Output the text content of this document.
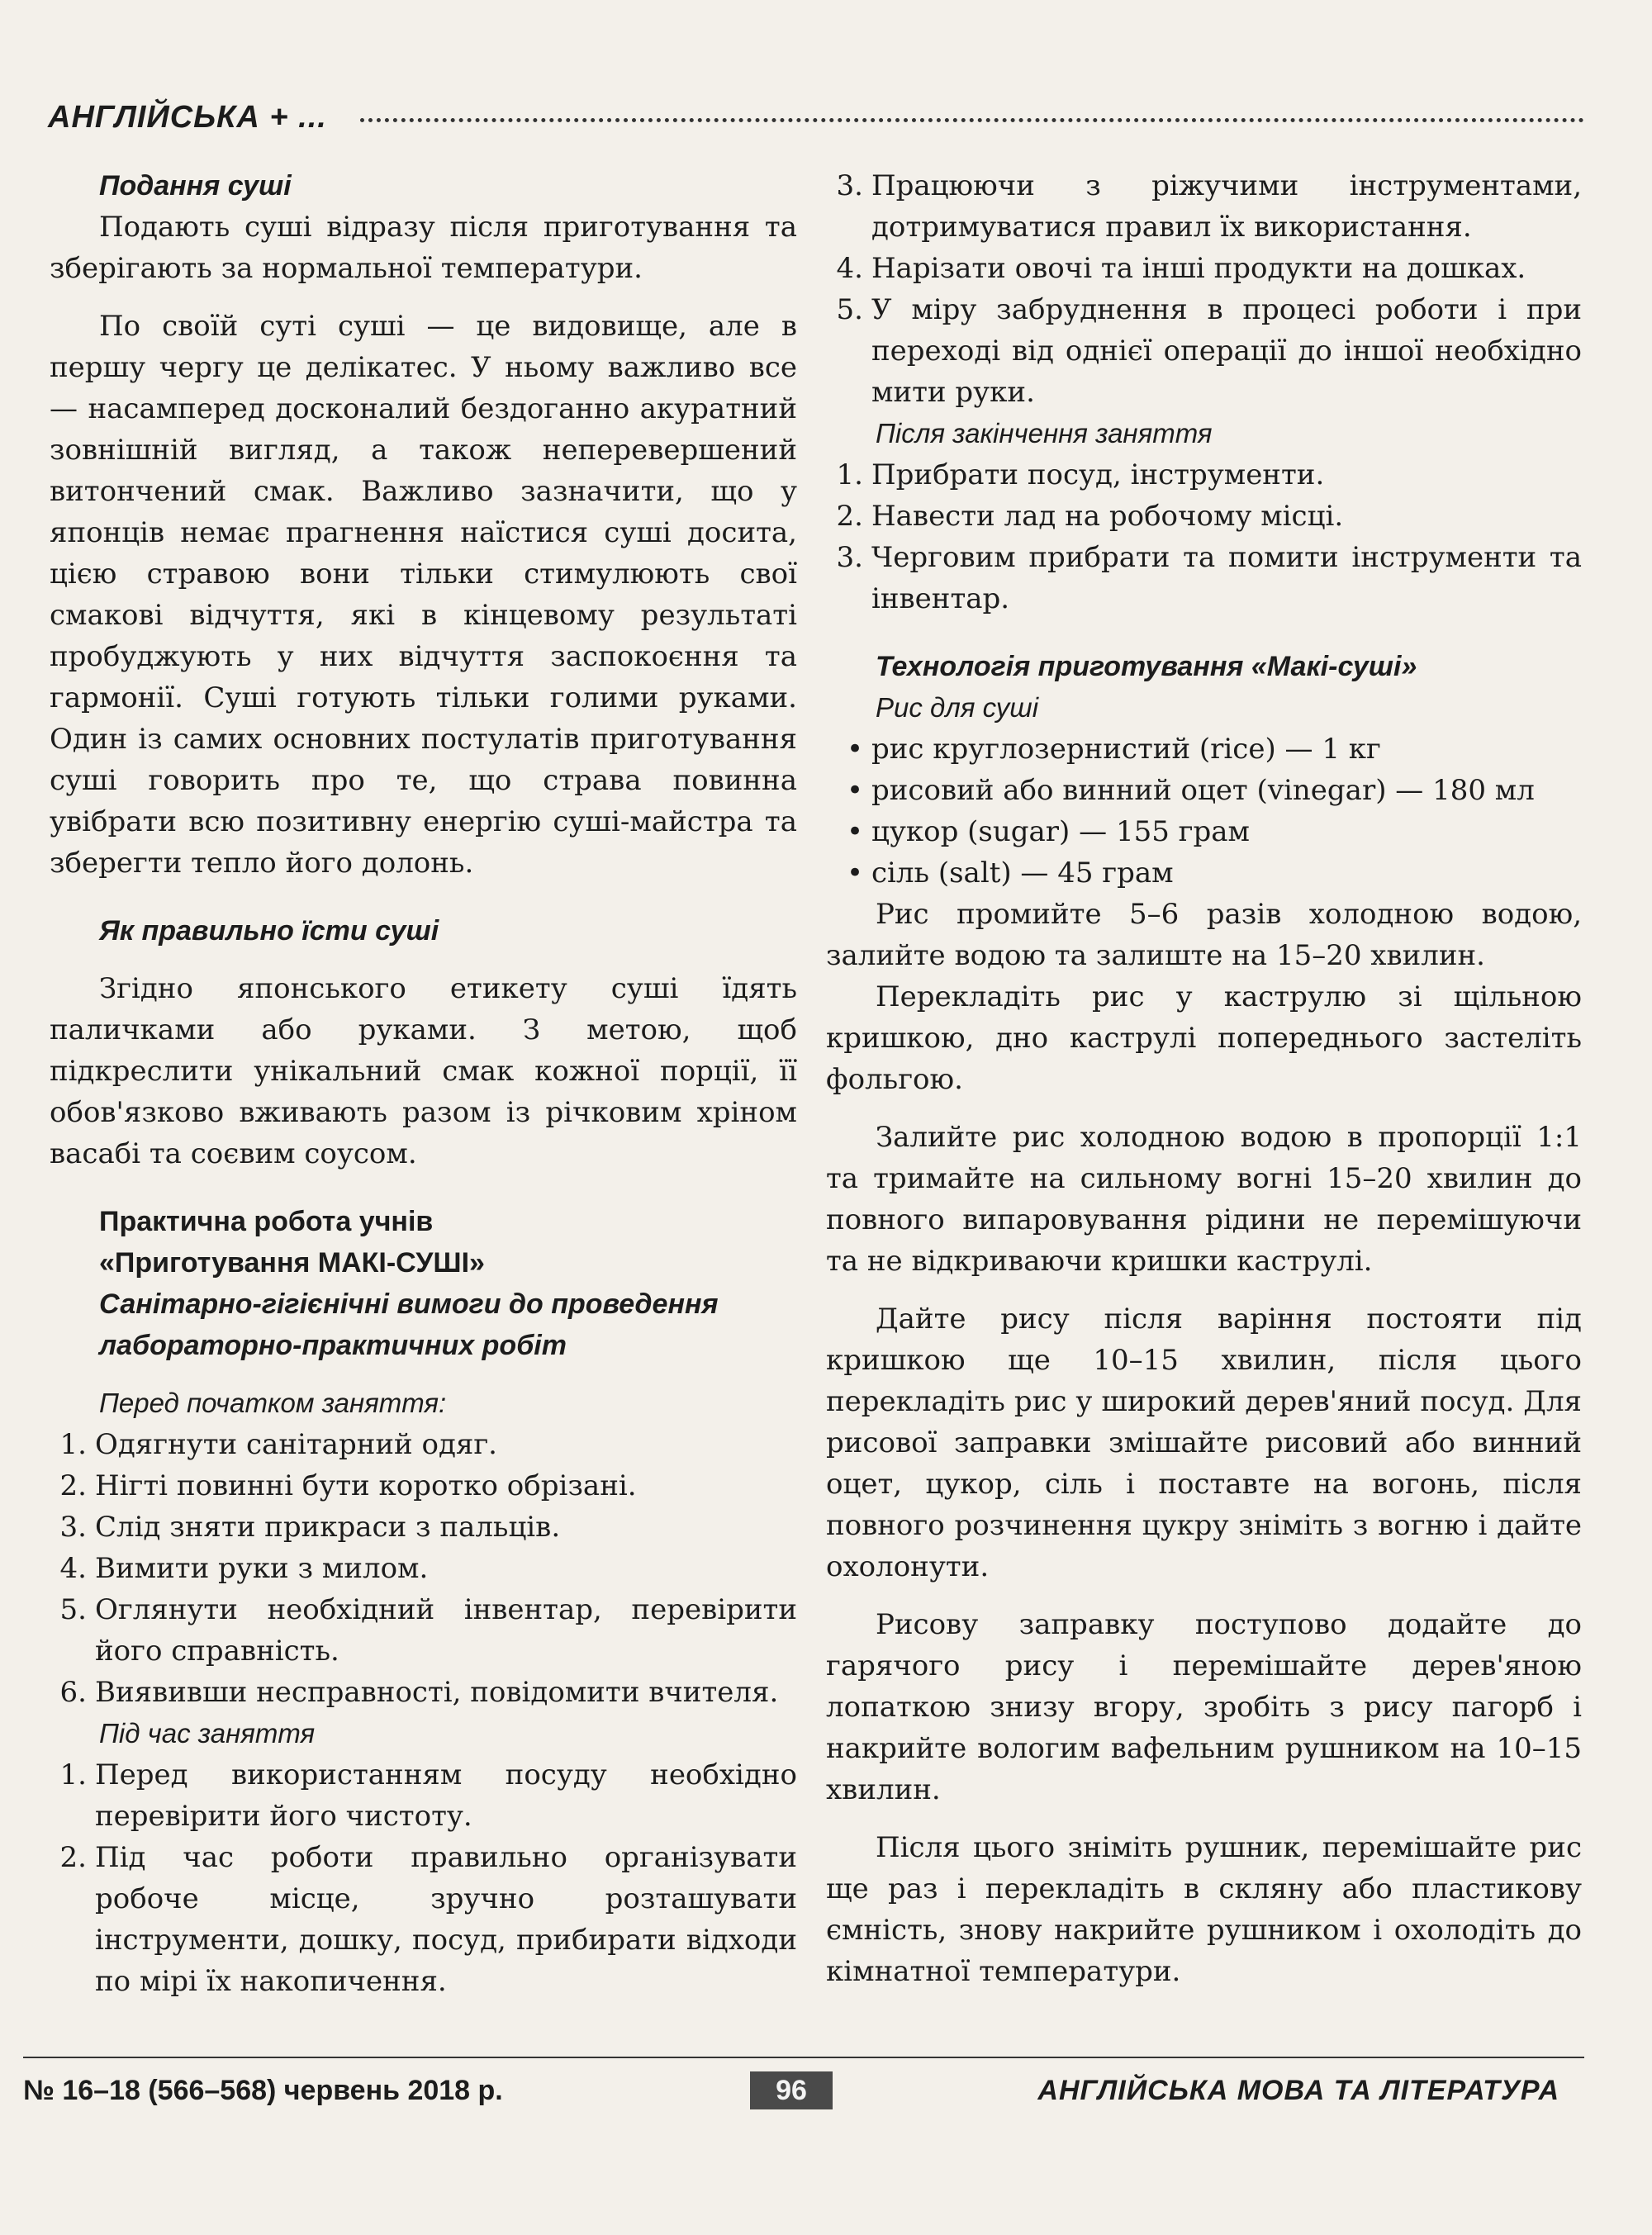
АНГЛІЙСЬКА + ...
Подання суші

Подають суші відразу після приготування та зберігають за нормальної температури.

По своїй суті суші — це видовище, але в першу чергу це делікатес. У ньому важливо все — насамперед досконалий бездоганно акуратний зовнішній вигляд, а також неперевершений витончений смак. Важливо зазначити, що у японців немає прагнення наїстися суші досита, цією стравою вони тільки стимулюють свої смакові відчуття, які в кінцевому результаті пробуджують у них відчуття заспокоєння та гармонії. Суші готують тільки голими руками. Один із самих основних постулатів приготування суші говорить про те, що страва повинна увібрати всю позитивну енергію суші-майстра та зберегти тепло його долонь.

Як правильно їсти суші

Згідно японського етикету суші їдять паличками або руками. З метою, щоб підкреслити унікальний смак кожної порції, її обов'язково вживають разом із річковим хріном васабі та соєвим соусом.

Практична робота учнів
«Приготування МАКІ-СУШІ»
Санітарно-гігієнічні вимоги до проведення лабораторно-практичних робіт
Перед початком заняття:
1. Одягнути санітарний одяг.
2. Нігті повинні бути коротко обрізані.
3. Слід зняти прикраси з пальців.
4. Вимити руки з милом.
5. Оглянути необхідний інвентар, перевірити його справність.
6. Виявивши несправності, повідомити вчителя.
Під час заняття
1. Перед використанням посуду необхідно перевірити його чистоту.
2. Під час роботи правильно організувати робоче місце, зручно розташувати інструменти, дошку, посуд, прибирати відходи по мірі їх накопичення.
3. Працюючи з ріжучими інструментами, дотримуватися правил їх використання.
4. Нарізати овочі та інші продукти на дошках.
5. У міру забруднення в процесі роботи і при переході від однієї операції до іншої необхідно мити руки.
Після закінчення заняття
1. Прибрати посуд, інструменти.
2. Навести лад на робочому місці.
3. Черговим прибрати та помити інструменти та інвентар.
Технологія приготування «Макі-суші»
Рис для суші
• рис круглозернистий (rice) — 1 кг
• рисовий або винний оцет (vinegar) — 180 мл
• цукор (sugar) — 155 грам
• сіль (salt) — 45 грам

Рис промийте 5–6 разів холодною водою, залийте водою та залиште на 15–20 хвилин.

Перекладіть рис у каструлю зі щільною кришкою, дно каструлі попереднього застеліть фольгою.

Залийте рис холодною водою в пропорції 1:1 та тримайте на сильному вогні 15–20 хвилин до повного випаровування рідини не перемішуючи та не відкриваючи кришки каструлі.

Дайте рису після варіння постояти під кришкою ще 10–15 хвилин, після цього перекладіть рис у широкий дерев'яний посуд. Для рисової заправки змішайте рисовий або винний оцет, цукор, сіль і поставте на вогонь, після повного розчинення цукру зніміть з вогню і дайте охолонути.

Рисову заправку поступово додайте до гарячого рису і перемішайте дерев'яною лопаткою знизу вгору, зробіть з рису пагорб і накрийте вологим вафельним рушником на 10–15 хвилин.

Після цього зніміть рушник, перемішайте рис ще раз і перекладіть в скляну або пластикову ємність, знову накрийте рушником і охолодіть до кімнатної температури.

№ 16–18 (566–568) червень 2018 р.	96	АНГЛІЙСЬКА МОВА ТА ЛІТЕРАТУРА
